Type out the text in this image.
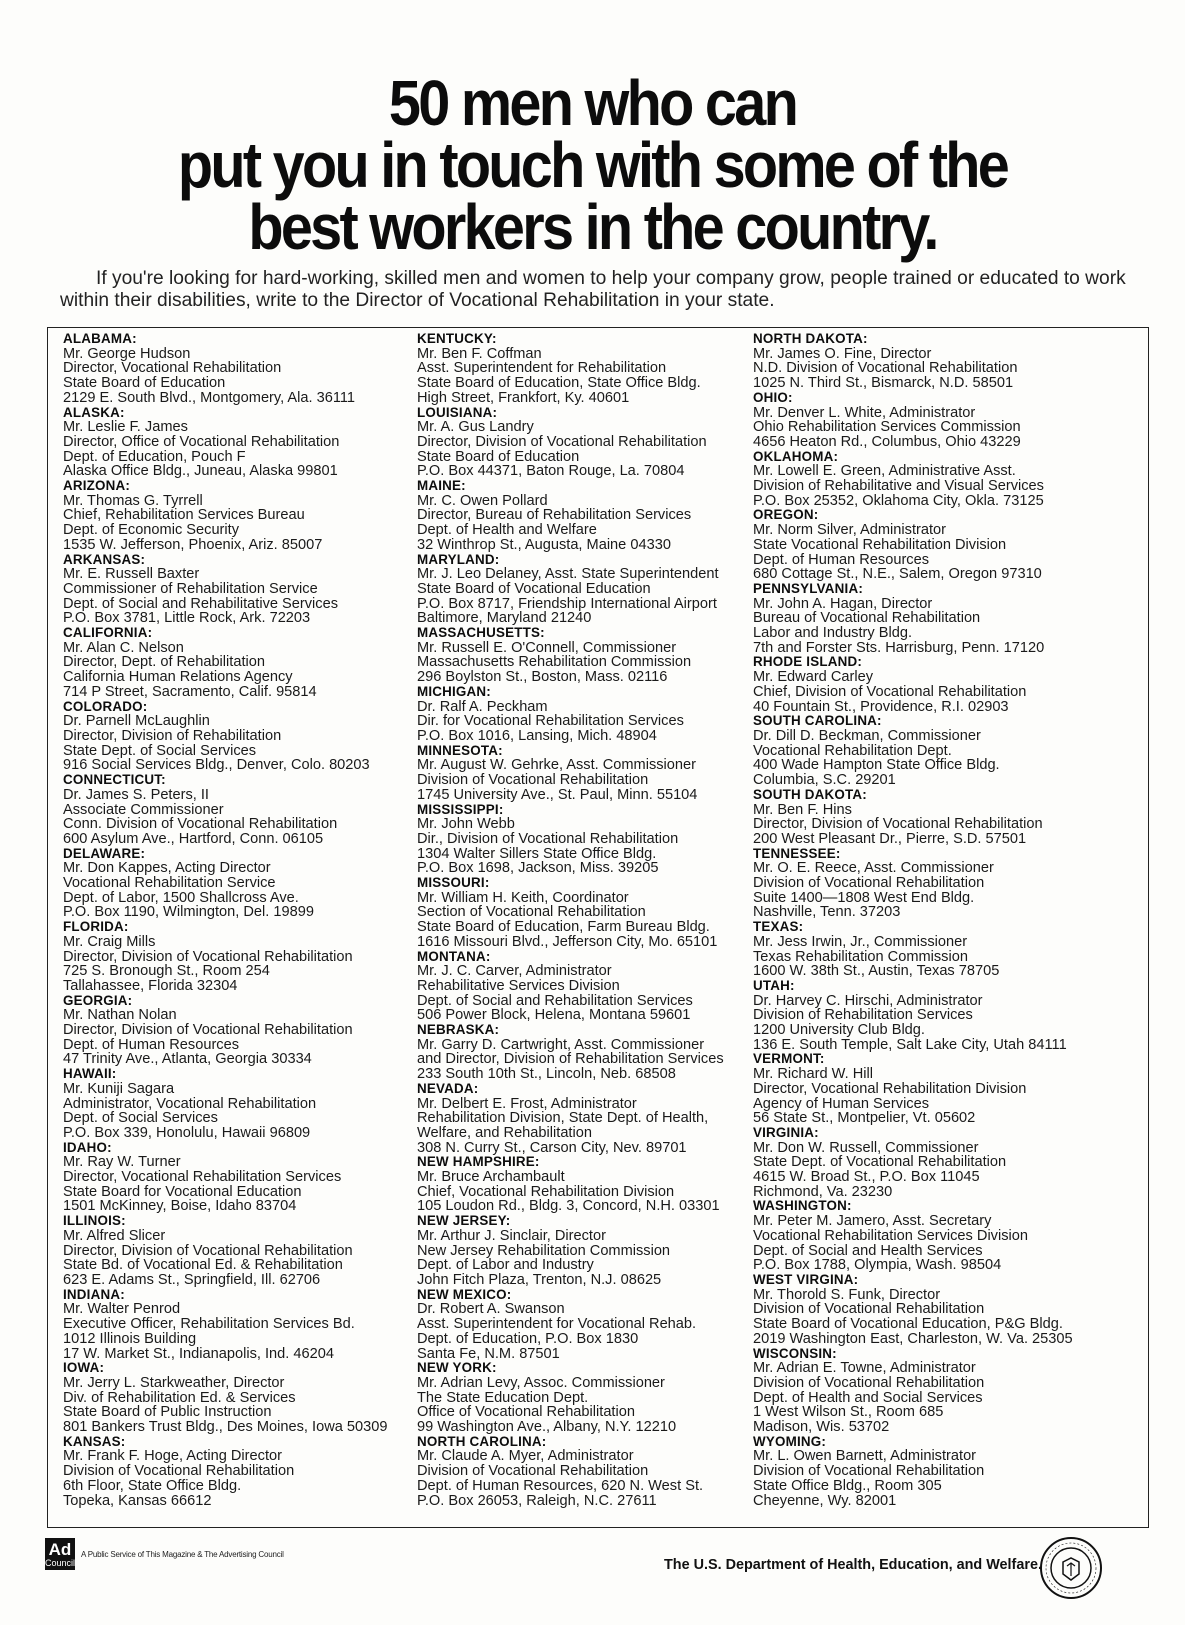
50 men who can
put you in touch with some of the
best workers in the country.
If you're looking for hard-working, skilled men and women to help your company grow, people trained or educated to work within their disabilities, write to the Director of Vocational Rehabilitation in your state.
ALABAMA:
Mr. George Hudson
Director, Vocational Rehabilitation
State Board of Education
2129 E. South Blvd., Montgomery, Ala. 36111
ALASKA:
Mr. Leslie F. James
Director, Office of Vocational Rehabilitation
Dept. of Education, Pouch F
Alaska Office Bldg., Juneau, Alaska 99801
ARIZONA:
Mr. Thomas G. Tyrrell
Chief, Rehabilitation Services Bureau
Dept. of Economic Security
1535 W. Jefferson, Phoenix, Ariz. 85007
ARKANSAS:
Mr. E. Russell Baxter
Commissioner of Rehabilitation Service
Dept. of Social and Rehabilitative Services
P.O. Box 3781, Little Rock, Ark. 72203
CALIFORNIA:
Mr. Alan C. Nelson
Director, Dept. of Rehabilitation
California Human Relations Agency
714 P Street, Sacramento, Calif. 95814
COLORADO:
Dr. Parnell McLaughlin
Director, Division of Rehabilitation
State Dept. of Social Services
916 Social Services Bldg., Denver, Colo. 80203
CONNECTICUT:
Dr. James S. Peters, II
Associate Commissioner
Conn. Division of Vocational Rehabilitation
600 Asylum Ave., Hartford, Conn. 06105
DELAWARE:
Mr. Don Kappes, Acting Director
Vocational Rehabilitation Service
Dept. of Labor, 1500 Shallcross Ave.
P.O. Box 1190, Wilmington, Del. 19899
FLORIDA:
Mr. Craig Mills
Director, Division of Vocational Rehabilitation
725 S. Bronough St., Room 254
Tallahassee, Florida 32304
GEORGIA:
Mr. Nathan Nolan
Director, Division of Vocational Rehabilitation
Dept. of Human Resources
47 Trinity Ave., Atlanta, Georgia 30334
HAWAII:
Mr. Kuniji Sagara
Administrator, Vocational Rehabilitation
Dept. of Social Services
P.O. Box 339, Honolulu, Hawaii 96809
IDAHO:
Mr. Ray W. Turner
Director, Vocational Rehabilitation Services
State Board for Vocational Education
1501 McKinney, Boise, Idaho 83704
ILLINOIS:
Mr. Alfred Slicer
Director, Division of Vocational Rehabilitation
State Bd. of Vocational Ed. & Rehabilitation
623 E. Adams St., Springfield, Ill. 62706
INDIANA:
Mr. Walter Penrod
Executive Officer, Rehabilitation Services Bd.
1012 Illinois Building
17 W. Market St., Indianapolis, Ind. 46204
IOWA:
Mr. Jerry L. Starkweather, Director
Div. of Rehabilitation Ed. & Services
State Board of Public Instruction
801 Bankers Trust Bldg., Des Moines, Iowa 50309
KANSAS:
Mr. Frank F. Hoge, Acting Director
Division of Vocational Rehabilitation
6th Floor, State Office Bldg.
Topeka, Kansas 66612
KENTUCKY:
Mr. Ben F. Coffman
Asst. Superintendent for Rehabilitation
State Board of Education, State Office Bldg.
High Street, Frankfort, Ky. 40601
LOUISIANA:
Mr. A. Gus Landry
Director, Division of Vocational Rehabilitation
State Board of Education
P.O. Box 44371, Baton Rouge, La. 70804
MAINE:
Mr. C. Owen Pollard
Director, Bureau of Rehabilitation Services
Dept. of Health and Welfare
32 Winthrop St., Augusta, Maine 04330
MARYLAND:
Mr. J. Leo Delaney, Asst. State Superintendent
State Board of Vocational Education
P.O. Box 8717, Friendship International Airport
Baltimore, Maryland 21240
MASSACHUSETTS:
Mr. Russell E. O'Connell, Commissioner
Massachusetts Rehabilitation Commission
296 Boylston St., Boston, Mass. 02116
MICHIGAN:
Dr. Ralf A. Peckham
Dir. for Vocational Rehabilitation Services
P.O. Box 1016, Lansing, Mich. 48904
MINNESOTA:
Mr. August W. Gehrke, Asst. Commissioner
Division of Vocational Rehabilitation
1745 University Ave., St. Paul, Minn. 55104
MISSISSIPPI:
Mr. John Webb
Dir., Division of Vocational Rehabilitation
1304 Walter Sillers State Office Bldg.
P.O. Box 1698, Jackson, Miss. 39205
MISSOURI:
Mr. William H. Keith, Coordinator
Section of Vocational Rehabilitation
State Board of Education, Farm Bureau Bldg.
1616 Missouri Blvd., Jefferson City, Mo. 65101
MONTANA:
Mr. J. C. Carver, Administrator
Rehabilitative Services Division
Dept. of Social and Rehabilitation Services
506 Power Block, Helena, Montana 59601
NEBRASKA:
Mr. Garry D. Cartwright, Asst. Commissioner
and Director, Division of Rehabilitation Services
233 South 10th St., Lincoln, Neb. 68508
NEVADA:
Mr. Delbert E. Frost, Administrator
Rehabilitation Division, State Dept. of Health,
Welfare, and Rehabilitation
308 N. Curry St., Carson City, Nev. 89701
NEW HAMPSHIRE:
Mr. Bruce Archambault
Chief, Vocational Rehabilitation Division
105 Loudon Rd., Bldg. 3, Concord, N.H. 03301
NEW JERSEY:
Mr. Arthur J. Sinclair, Director
New Jersey Rehabilitation Commission
Dept. of Labor and Industry
John Fitch Plaza, Trenton, N.J. 08625
NEW MEXICO:
Dr. Robert A. Swanson
Asst. Superintendent for Vocational Rehab.
Dept. of Education, P.O. Box 1830
Santa Fe, N.M. 87501
NEW YORK:
Mr. Adrian Levy, Assoc. Commissioner
The State Education Dept.
Office of Vocational Rehabilitation
99 Washington Ave., Albany, N.Y. 12210
NORTH CAROLINA:
Mr. Claude A. Myer, Administrator
Division of Vocational Rehabilitation
Dept. of Human Resources, 620 N. West St.
P.O. Box 26053, Raleigh, N.C. 27611
NORTH DAKOTA:
Mr. James O. Fine, Director
N.D. Division of Vocational Rehabilitation
1025 N. Third St., Bismarck, N.D. 58501
OHIO:
Mr. Denver L. White, Administrator
Ohio Rehabilitation Services Commission
4656 Heaton Rd., Columbus, Ohio 43229
OKLAHOMA:
Mr. Lowell E. Green, Administrative Asst.
Division of Rehabilitative and Visual Services
P.O. Box 25352, Oklahoma City, Okla. 73125
OREGON:
Mr. Norm Silver, Administrator
State Vocational Rehabilitation Division
Dept. of Human Resources
680 Cottage St., N.E., Salem, Oregon 97310
PENNSYLVANIA:
Mr. John A. Hagan, Director
Bureau of Vocational Rehabilitation
Labor and Industry Bldg.
7th and Forster Sts. Harrisburg, Penn. 17120
RHODE ISLAND:
Mr. Edward Carley
Chief, Division of Vocational Rehabilitation
40 Fountain St., Providence, R.I. 02903
SOUTH CAROLINA:
Dr. Dill D. Beckman, Commissioner
Vocational Rehabilitation Dept.
400 Wade Hampton State Office Bldg.
Columbia, S.C. 29201
SOUTH DAKOTA:
Mr. Ben F. Hins
Director, Division of Vocational Rehabilitation
200 West Pleasant Dr., Pierre, S.D. 57501
TENNESSEE:
Mr. O. E. Reece, Asst. Commissioner
Division of Vocational Rehabilitation
Suite 1400—1808 West End Bldg.
Nashville, Tenn. 37203
TEXAS:
Mr. Jess Irwin, Jr., Commissioner
Texas Rehabilitation Commission
1600 W. 38th St., Austin, Texas 78705
UTAH:
Dr. Harvey C. Hirschi, Administrator
Division of Rehabilitation Services
1200 University Club Bldg.
136 E. South Temple, Salt Lake City, Utah 84111
VERMONT:
Mr. Richard W. Hill
Director, Vocational Rehabilitation Division
Agency of Human Services
56 State St., Montpelier, Vt. 05602
VIRGINIA:
Mr. Don W. Russell, Commissioner
State Dept. of Vocational Rehabilitation
4615 W. Broad St., P.O. Box 11045
Richmond, Va. 23230
WASHINGTON:
Mr. Peter M. Jamero, Asst. Secretary
Vocational Rehabilitation Services Division
Dept. of Social and Health Services
P.O. Box 1788, Olympia, Wash. 98504
WEST VIRGINA:
Mr. Thorold S. Funk, Director
Division of Vocational Rehabilitation
State Board of Vocational Education, P&G Bldg.
2019 Washington East, Charleston, W. Va. 25305
WISCONSIN:
Mr. Adrian E. Towne, Administrator
Division of Vocational Rehabilitation
Dept. of Health and Social Services
1 West Wilson St., Room 685
Madison, Wis. 53702
WYOMING:
Mr. L. Owen Barnett, Administrator
Division of Vocational Rehabilitation
State Office Bldg., Room 305
Cheyenne, Wy. 82001
Ad
Council
A Public Service of This Magazine & The Advertising Council
The U.S. Department of Health, Education, and Welfare.
